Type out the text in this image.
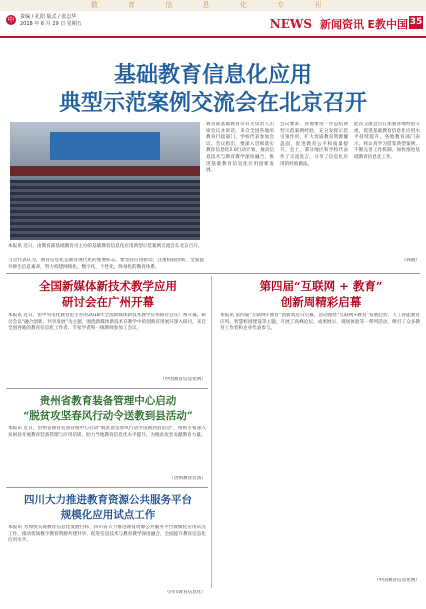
教 育 信 息 化 专 刊
中	责编 / 孔阳 版式 / 张志华
2018 年 6 月 29 日 星期五	NEWS 新闻资讯 E教中国 35
基础教育信息化应用
典型示范案例交流会在北京召开
本报讯 近日，由教育部基础教育司主办的基础教育信息化应用典型示范案例交流会在北京召开。
教育部基础教育司有关负责人出席会议并讲话，来自全国各地的教育行政部门、学校代表参加会议。会议指出，要深入贯彻落实教育信息化2.0行动计划，推动信息技术与教育教学深度融合，推进基础教育信息化应用创新发展。
会议要求，各地要进一步总结典型示范案例经验，充分发挥示范引领作用，扩大优质教育资源覆盖面，促进教育公平和质量提升。会上，部分地区和学校代表作了交流发言，分享了信息化应用的经验做法。
此次交流会旨在加强各地经验交流，促进基础教育信息化应用水平持续提升。各地教育部门表示，将认真学习借鉴典型案例，不断完善工作机制，加快推进基础教育信息化工作。
与会代表认为，教育信息化是教育现代化的重要标志。要坚持应用驱动，注重机制创新，全面提升师生信息素养，努力构建网络化、数字化、个性化、终身化的教育体系。
（韩晓）
全国新媒体新技术教学应用
研讨会在广州开幕
本报讯 近日，由中央电化教育馆主办的2018年全国新媒体新技术教学应用研讨会在广州开幕。研讨会以“融合创新、共享发展”为主题，围绕新媒体新技术在教学中的创新应用展开深入研讨，来自全国各地的教育信息化工作者、专家学者和一线教师参加了会议。
（中国教育信息化网）
第四届“互联网 + 教育”
创新周精彩启幕
本报讯 第四届“互联网+教育”创新周近日启幕，活动围绕“互联网+教育”发展趋势、人工智能教育应用、智慧校园建设等主题，开展了高峰论坛、成果展示、现场体验等一系列活动，吸引了众多教育工作者和企业代表参与。
（中国教育信息化网）
贵州省教育装备管理中心启动
“脱贫攻坚春风行动令送教到县活动”
本报讯 近日，贵州省教育装备管理中心启动“脱贫攻坚春风行动令送教到县活动”，组织专家深入贫困县开展教育装备管理与应用培训，助力当地教育信息化水平提升，为脱贫攻坚贡献教育力量。
（贵州教育装备）
四川大力推进教育资源公共服务平台
规模化应用试点工作
本报讯 为加快实现教育信息化发展目标，四川省大力推进教育资源公共服务平台规模化应用试点工作，推动优质数字教育资源共建共享，促进信息技术与教育教学深度融合，全面提升教育信息化应用水平。
（四川教育信息化）
